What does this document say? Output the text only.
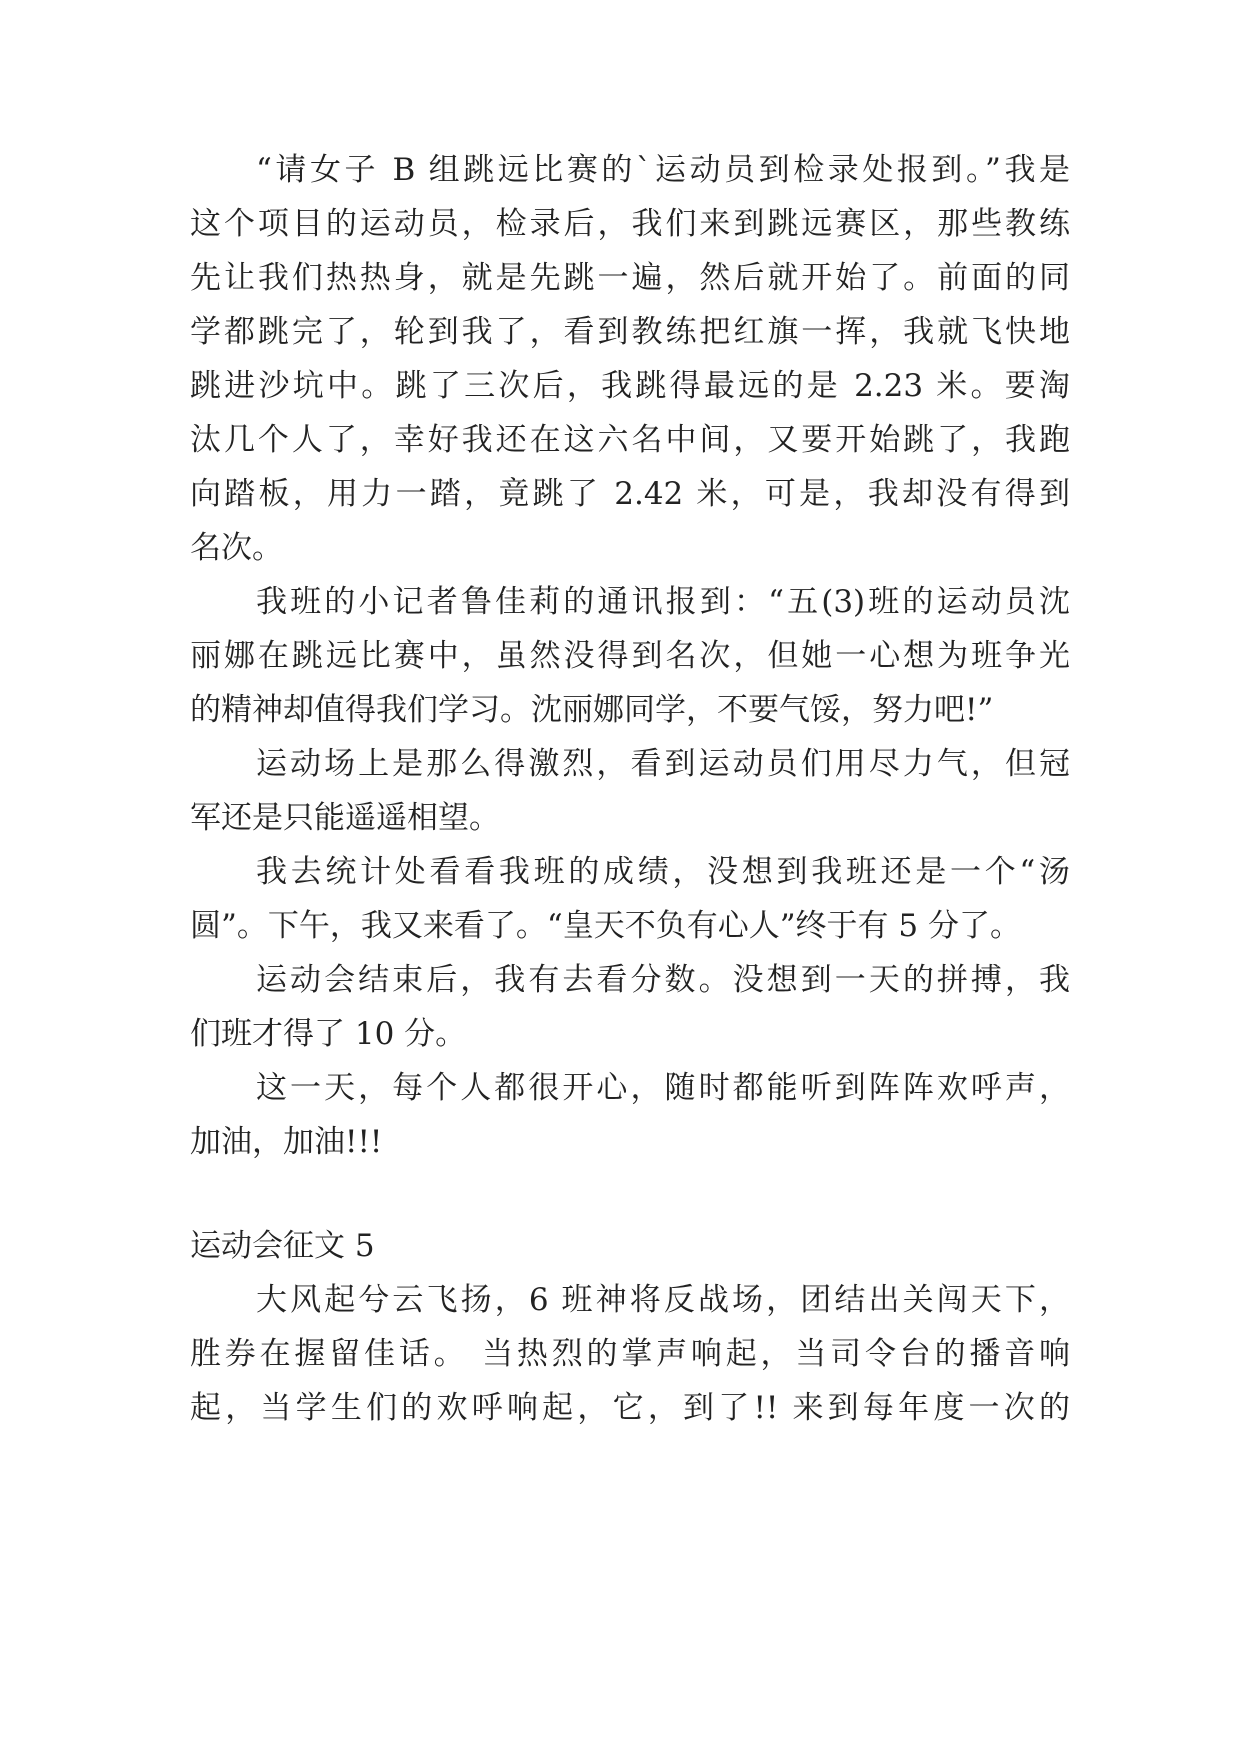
“请女子 B 组跳远比赛的`运动员到检录处报到。”我是
这个项目的运动员，检录后，我们来到跳远赛区，那些教练
先让我们热热身，就是先跳一遍，然后就开始了。前面的同
学都跳完了，轮到我了，看到教练把红旗一挥，我就飞快地
跳进沙坑中。跳了三次后，我跳得最远的是 2.23 米。要淘
汰几个人了，幸好我还在这六名中间，又要开始跳了，我跑
向踏板，用力一踏，竟跳了 2.42 米，可是，我却没有得到
名次。
我班的小记者鲁佳莉的通讯报到：“五(3)班的运动员沈
丽娜在跳远比赛中，虽然没得到名次，但她一心想为班争光
的精神却值得我们学习。沈丽娜同学，不要气馁，努力吧!”
运动场上是那么得激烈，看到运动员们用尽力气，但冠
军还是只能遥遥相望。
我去统计处看看我班的成绩，没想到我班还是一个“汤
圆”。下午，我又来看了。“皇天不负有心人”终于有 5 分了。
运动会结束后，我有去看分数。没想到一天的拼搏，我
们班才得了 10 分。
这一天，每个人都很开心，随时都能听到阵阵欢呼声，
加油，加油!!!
运动会征文 5
大风起兮云飞扬，6 班神将反战场，团结出关闯天下，
胜券在握留佳话。 当热烈的掌声响起，当司令台的播音响
起，当学生们的欢呼响起，它，到了!! 来到每年度一次的
